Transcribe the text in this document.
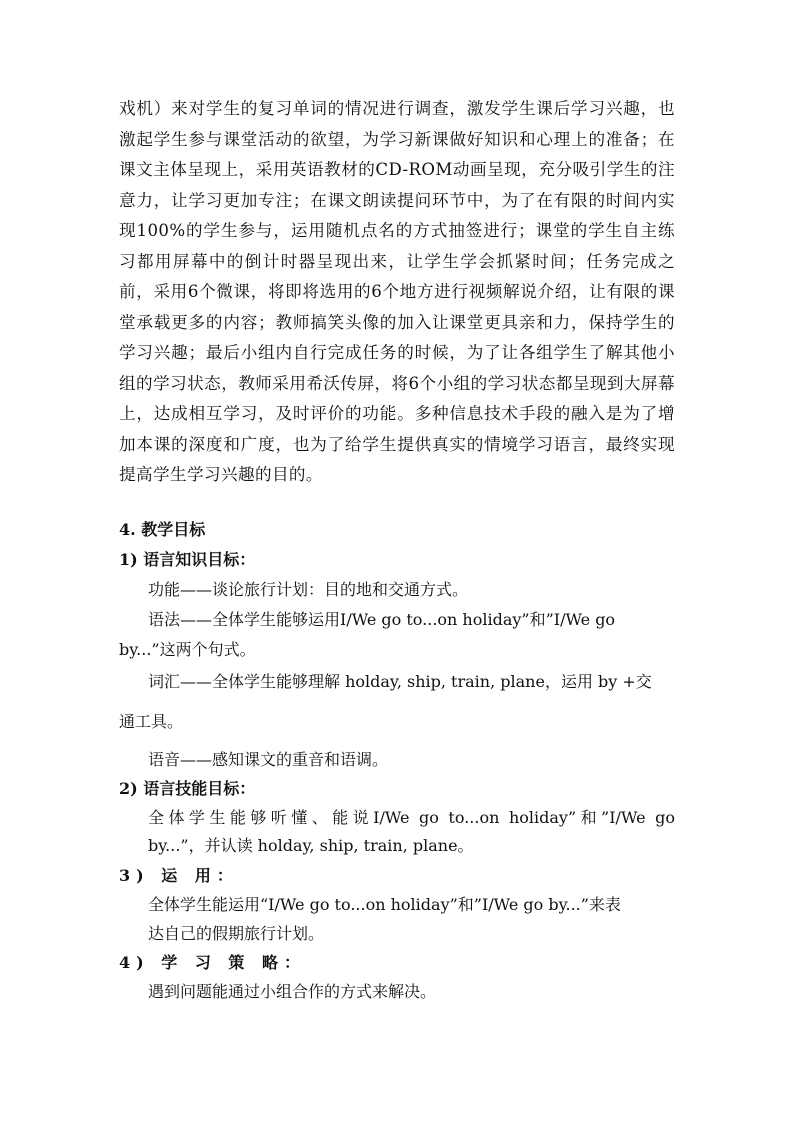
戏机）来对学生的复习单词的情况进行调查，激发学生课后学习兴趣，也激起学生参与课堂活动的欲望，为学习新课做好知识和心理上的准备；在课文主体呈现上，采用英语教材的CD-ROM动画呈现，充分吸引学生的注意力，让学习更加专注；在课文朗读提问环节中，为了在有限的时间内实现100%的学生参与，运用随机点名的方式抽签进行；课堂的学生自主练习都用屏幕中的倒计时器呈现出来，让学生学会抓紧时间；任务完成之前，采用6个微课，将即将选用的6个地方进行视频解说介绍，让有限的课堂承载更多的内容；教师搞笑头像的加入让课堂更具亲和力，保持学生的学习兴趣；最后小组内自行完成任务的时候，为了让各组学生了解其他小组的学习状态，教师采用希沃传屏，将6个小组的学习状态都呈现到大屏幕上，达成相互学习，及时评价的功能。多种信息技术手段的融入是为了增加本课的深度和广度，也为了给学生提供真实的情境学习语言，最终实现提高学生学习兴趣的目的。

4. 教学目标
1) 语言知识目标：
功能——谈论旅行计划：目的地和交通方式。
语法——全体学生能够运用I/We go to...on holiday”和”I/We go
by...”这两个句式。
词汇——全体学生能够理解 holday, ship, train, plane，运用 by +交
通工具。
语音——感知课文的重音和语调。
2) 语言技能目标：
全体学生能够听懂、能说I/We go to...on holiday”和”I/We go
by...”，并认读 holday, ship, train, plane。
3) 运 用：
全体学生能运用“I/We go to...on holiday”和”I/We go by...”来表
达自己的假期旅行计划。
4) 学 习 策 略：
遇到问题能通过小组合作的方式来解决。
